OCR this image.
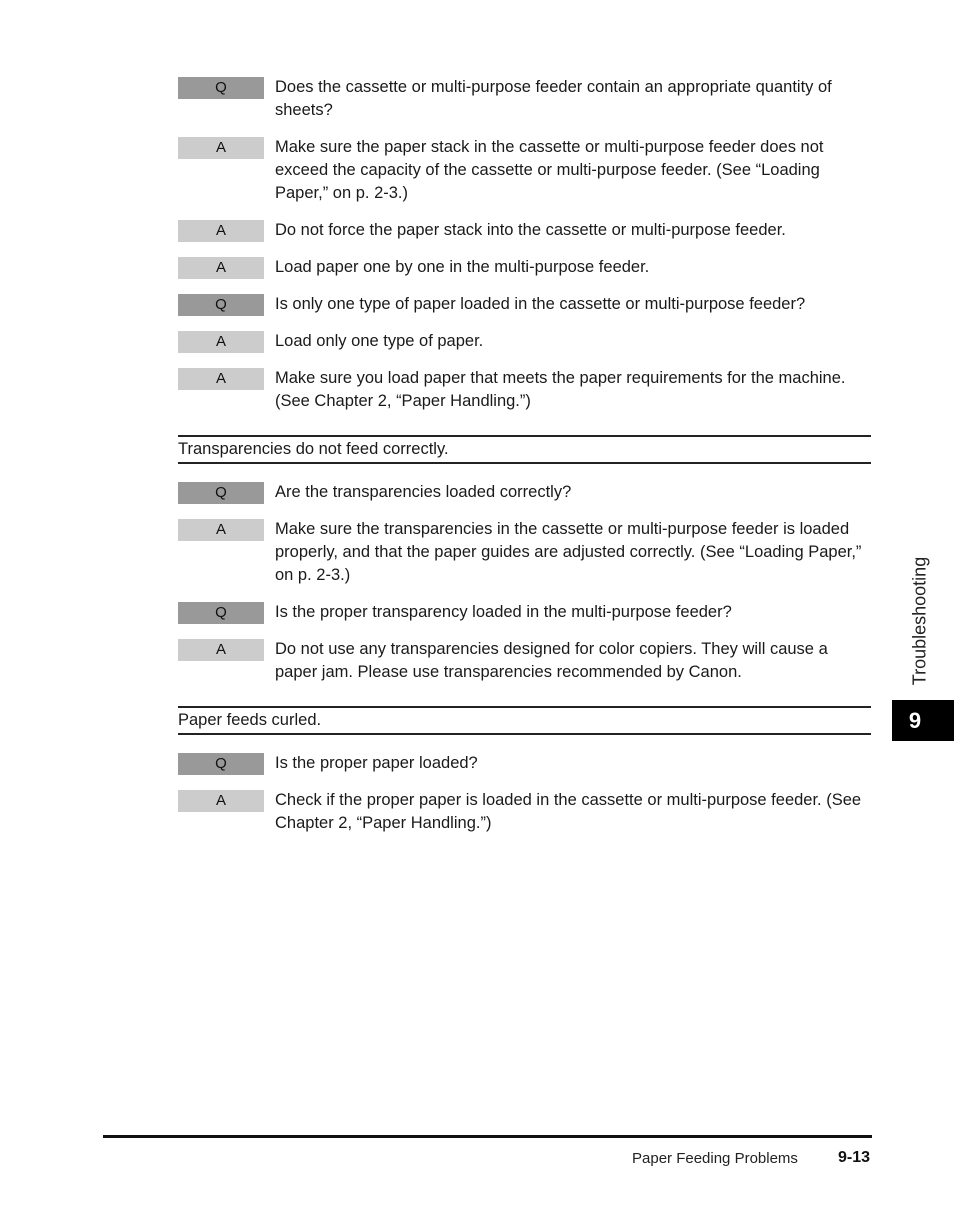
Q	Does the cassette or multi-purpose feeder contain an appropriate quantity of sheets?
A	Make sure the paper stack in the cassette or multi-purpose feeder does not exceed the capacity of the cassette or multi-purpose feeder. (See “Loading Paper,” on p. 2-3.)
A	Do not force the paper stack into the cassette or multi-purpose feeder.
A	Load paper one by one in the multi-purpose feeder.
Q	Is only one type of paper loaded in the cassette or multi-purpose feeder?
A	Load only one type of paper.
A	Make sure you load paper that meets the paper requirements for the machine. (See Chapter 2, “Paper Handling.”)
Transparencies do not feed correctly.
Q	Are the transparencies loaded correctly?
A	Make sure the transparencies in the cassette or multi-purpose feeder is loaded properly, and that the paper guides are adjusted correctly. (See “Loading Paper,” on p. 2-3.)
Q	Is the proper transparency loaded in the multi-purpose feeder?
A	Do not use any transparencies designed for color copiers. They will cause a paper jam. Please use transparencies recommended by Canon.
Paper feeds curled.
Q	Is the proper paper loaded?
A	Check if the proper paper is loaded in the cassette or multi-purpose feeder. (See Chapter 2, “Paper Handling.”)
Troubleshooting
9
Paper Feeding Problems	9-13
